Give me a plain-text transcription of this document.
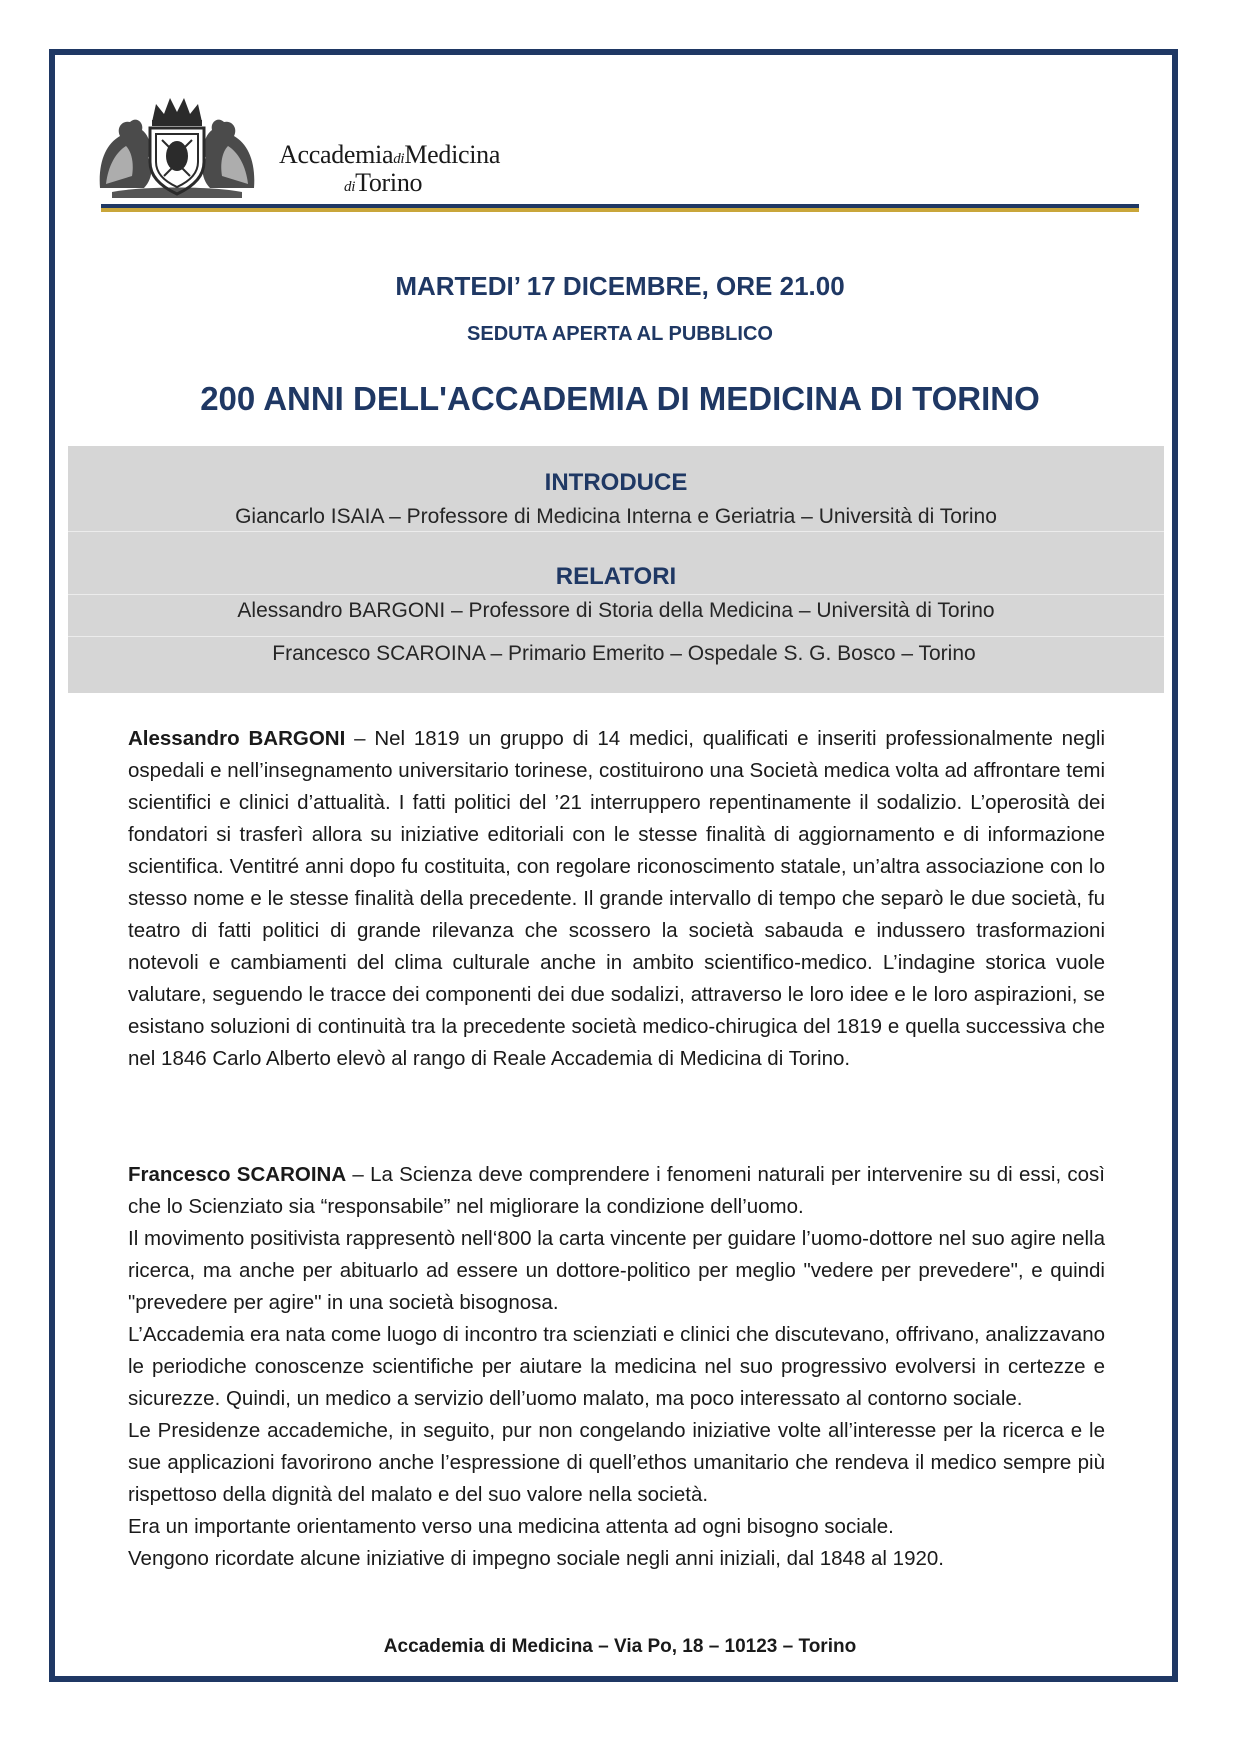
AccademiadiMedicina
diTorino
MARTEDI’ 17 DICEMBRE, ORE 21.00
SEDUTA APERTA AL PUBBLICO
200 ANNI DELL'ACCADEMIA DI MEDICINA DI TORINO
INTRODUCE
Giancarlo ISAIA – Professore di Medicina Interna e Geriatria – Università di Torino
RELATORI
Alessandro BARGONI – Professore di Storia della Medicina – Università di Torino
Francesco SCAROINA – Primario Emerito – Ospedale S. G. Bosco – Torino

Alessandro BARGONI – Nel 1819 un gruppo di 14 medici, qualificati e inseriti professionalmente negli ospedali e nell’insegnamento universitario torinese, costituirono una Società medica volta ad affrontare temi scientifici e clinici d’attualità. I fatti politici del ’21 interruppero repentinamente il sodalizio. L’operosità dei fondatori si trasferì allora su iniziative editoriali con le stesse finalità di aggiornamento e di informazione scientifica. Ventitré anni dopo fu costituita, con regolare riconoscimento statale, un’altra associazione con lo stesso nome e le stesse finalità della precedente. Il grande intervallo di tempo che separò le due società, fu teatro di fatti politici di grande rilevanza che scossero la società sabauda e indussero trasformazioni notevoli e cambiamenti del clima culturale anche in ambito scientifico-medico. L’indagine storica vuole valutare, seguendo le tracce dei componenti dei due sodalizi, attraverso le loro idee e le loro aspirazioni, se esistano soluzioni di continuità tra la precedente società medico-chirugica del 1819 e quella successiva che nel 1846 Carlo Alberto elevò al rango di Reale Accademia di Medicina di Torino.

Francesco SCAROINA – La Scienza deve comprendere i fenomeni naturali per intervenire su di essi, così che lo Scienziato sia “responsabile” nel migliorare la condizione dell’uomo.

Il movimento positivista rappresentò nell‘800 la carta vincente per guidare l’uomo-dottore nel suo agire nella ricerca, ma anche per abituarlo ad essere un dottore-politico per meglio "vedere per prevedere", e quindi "prevedere per agire" in una società bisognosa.

L’Accademia era nata come luogo di incontro tra scienziati e clinici che discutevano, offrivano, analizzavano le periodiche conoscenze scientifiche per aiutare la medicina nel suo progressivo evolversi in certezze e sicurezze. Quindi, un medico a servizio dell’uomo malato, ma poco interessato al contorno sociale.

Le Presidenze accademiche, in seguito, pur non congelando iniziative volte all’interesse per la ricerca e le sue applicazioni favorirono anche l’espressione di quell’ethos umanitario che rendeva il medico sempre più rispettoso della dignità del malato e del suo valore nella società.

Era un importante orientamento verso una medicina attenta ad ogni bisogno sociale.

Vengono ricordate alcune iniziative di impegno sociale negli anni iniziali, dal 1848 al 1920.

Accademia di Medicina – Via Po, 18 – 10123 – Torino
